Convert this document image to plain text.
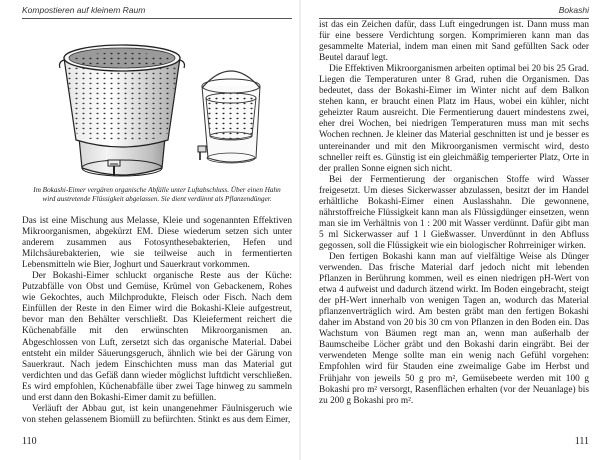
Kompostieren auf kleinem Raum
Im Bokashi-Eimer vergären organische Abfälle unter Luftabschluss. Über einen Hahn
wird austretende Flüssigkeit abgelassen. Sie dient verdünnt als Pflanzendünger.

Das ist eine Mischung aus Melasse, Kleie und sogenannten Effektiven Mikroorganismen, abgekürzt EM. Diese wiederum setzen sich unter anderem zusammen aus Fotosynthesebakterien, Hefen und Milchsäurebakterien, wie sie teilweise auch in fermentierten Lebensmitteln wie Bier, Joghurt und Sauerkraut vorkommen.

Der Bokashi-Eimer schluckt organische Reste aus der Küche: Putzabfälle von Obst und Gemüse, Krümel von Gebackenem, Rohes wie Gekochtes, auch Milchprodukte, Fleisch oder Fisch. Nach dem Einfüllen der Reste in den Eimer wird die Bokashi-Kleie aufgestreut, bevor man den Behälter verschließt. Das Kleieferment reichert die Küchenabfälle mit den erwünschten Mikroorganismen an. Abgeschlossen von Luft, zersetzt sich das organische Material. Dabei entsteht ein milder Säuerungsgeruch, ähnlich wie bei der Gärung von Sauerkraut. Nach jedem Einschichten muss man das Material gut verdichten und das Gefäß dann wieder möglichst luftdicht verschließen. Es wird empfohlen, Küchenabfälle über zwei Tage hinweg zu sammeln und erst dann den Bokashi-Eimer damit zu befüllen.

Verläuft der Abbau gut, ist kein unangenehmer Fäulnisgeruch wie von stehen gelassenem Biomüll zu befürchten. Stinkt es aus dem Eimer,

110
Bokashi

ist das ein Zeichen dafür, dass Luft eingedrungen ist. Dann muss man für eine bessere Verdichtung sorgen. Komprimieren kann man das gesammelte Material, indem man einen mit Sand gefüllten Sack oder Beutel darauf legt.

Die Effektiven Mikroorganismen arbeiten optimal bei 20 bis 25 Grad. Liegen die Temperaturen unter 8 Grad, ruhen die Organismen. Das bedeutet, dass der Bokashi-Eimer im Winter nicht auf dem Balkon stehen kann, er braucht einen Platz im Haus, wobei ein kühler, nicht geheizter Raum ausreicht. Die Fermentierung dauert mindestens zwei, eher drei Wochen, bei niedrigen Temperaturen muss man mit sechs Wochen rechnen. Je kleiner das Material geschnitten ist und je besser es untereinander und mit den Mikroorganismen vermischt wird, desto schneller reift es. Günstig ist ein gleichmäßig temperierter Platz, Orte in der prallen Sonne eignen sich nicht.

Bei der Fermentierung der organischen Stoffe wird Wasser freigesetzt. Um dieses Sickerwasser abzulassen, besitzt der im Handel erhältliche Bokashi-Eimer einen Auslasshahn. Die gewonnene, nährstoffreiche Flüssigkeit kann man als Flüssigdünger einsetzen, wenn man sie im Verhältnis von 1 : 200 mit Wasser verdünnt. Dafür gibt man 5 ml Sickerwasser auf 1 l Gießwasser. Unverdünnt in den Abfluss gegossen, soll die Flüssigkeit wie ein biologischer Rohrreiniger wirken.

Den fertigen Bokashi kann man auf vielfältige Weise als Dünger verwenden. Das frische Material darf jedoch nicht mit lebenden Pflanzen in Berührung kommen, weil es einen niedrigen pH-Wert von etwa 4 aufweist und dadurch ätzend wirkt. Im Boden eingebracht, steigt der pH-Wert innerhalb von wenigen Tagen an, wodurch das Material pflanzenverträglich wird. Am besten gräbt man den fertigen Bokashi daher im Abstand von 20 bis 30 cm von Pflanzen in den Boden ein. Das Wachstum von Bäumen regt man an, wenn man außerhalb der Baumscheibe Löcher gräbt und den Bokashi darin eingräbt. Bei der verwendeten Menge sollte man ein wenig nach Gefühl vorgehen: Empfohlen wird für Stauden eine zweimalige Gabe im Herbst und Frühjahr von jeweils 50 g pro m², Gemüsebeete werden mit 100 g Bokashi pro m² versorgt, Rasenflächen erhalten (vor der Neuanlage) bis zu 200 g Bokashi pro m².

111
